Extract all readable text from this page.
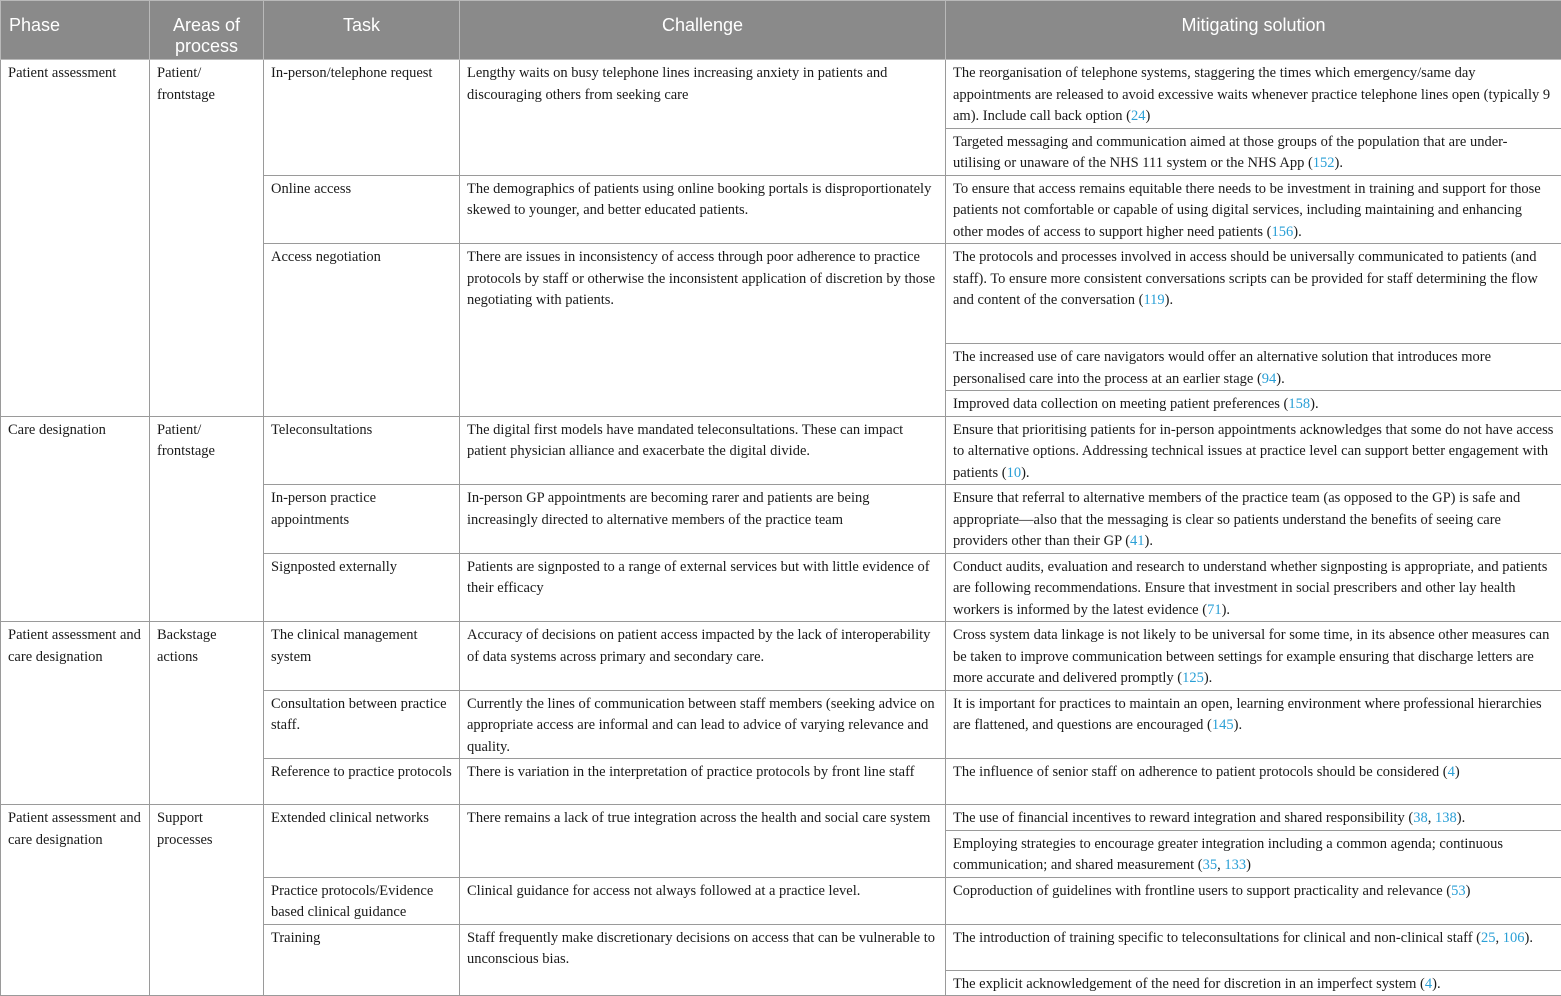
Phase	Areas of process	Task	Challenge	Mitigating solution
Patient assessment	Patient/ frontstage	In-person/telephone request	Lengthy waits on busy telephone lines increasing anxiety in patients and discouraging others from seeking care	The reorganisation of telephone systems, staggering the times which emergency/same day appointments are released to avoid excessive waits whenever practice telephone lines open (typically 9 am). Include call back option (24)
				Targeted messaging and communication aimed at those groups of the population that are under-utilising or unaware of the NHS 111 system or the NHS App (152).
		Online access	The demographics of patients using online booking portals is disproportionately skewed to younger, and better educated patients.	To ensure that access remains equitable there needs to be investment in training and support for those patients not comfortable or capable of using digital services, including maintaining and enhancing other modes of access to support higher need patients (156).
		Access negotiation	There are issues in inconsistency of access through poor adherence to practice protocols by staff or otherwise the inconsistent application of discretion by those negotiating with patients.	The protocols and processes involved in access should be universally communicated to patients (and staff). To ensure more consistent conversations scripts can be provided for staff determining the flow and content of the conversation (119).
				The increased use of care navigators would offer an alternative solution that introduces more personalised care into the process at an earlier stage (94).
				Improved data collection on meeting patient preferences (158).
Care designation	Patient/ frontstage	Teleconsultations	The digital first models have mandated teleconsultations. These can impact patient physician alliance and exacerbate the digital divide.	Ensure that prioritising patients for in-person appointments acknowledges that some do not have access to alternative options. Addressing technical issues at practice level can support better engagement with patients (10).
		In-person practice appointments	In-person GP appointments are becoming rarer and patients are being increasingly directed to alternative members of the practice team	Ensure that referral to alternative members of the practice team (as opposed to the GP) is safe and appropriate—also that the messaging is clear so patients understand the benefits of seeing care providers other than their GP (41).
		Signposted externally	Patients are signposted to a range of external services but with little evidence of their efficacy	Conduct audits, evaluation and research to understand whether signposting is appropriate, and patients are following recommendations. Ensure that investment in social prescribers and other lay health workers is informed by the latest evidence (71).
Patient assessment and care designation	Backstage actions	The clinical management system	Accuracy of decisions on patient access impacted by the lack of interoperability of data systems across primary and secondary care.	Cross system data linkage is not likely to be universal for some time, in its absence other measures can be taken to improve communication between settings for example ensuring that discharge letters are more accurate and delivered promptly (125).
		Consultation between practice staff.	Currently the lines of communication between staff members (seeking advice on appropriate access are informal and can lead to advice of varying relevance and quality.	It is important for practices to maintain an open, learning environment where professional hierarchies are flattened, and questions are encouraged (145).
		Reference to practice protocols	There is variation in the interpretation of practice protocols by front line staff	The influence of senior staff on adherence to patient protocols should be considered (4)
Patient assessment and care designation	Support processes	Extended clinical networks	There remains a lack of true integration across the health and social care system	The use of financial incentives to reward integration and shared responsibility (38, 138).
				Employing strategies to encourage greater integration including a common agenda; continuous communication; and shared measurement (35, 133)
		Practice protocols/Evidence based clinical guidance	Clinical guidance for access not always followed at a practice level.	Coproduction of guidelines with frontline users to support practicality and relevance (53)
		Training	Staff frequently make discretionary decisions on access that can be vulnerable to unconscious bias.	The introduction of training specific to teleconsultations for clinical and non-clinical staff (25, 106).
				The explicit acknowledgement of the need for discretion in an imperfect system (4).
